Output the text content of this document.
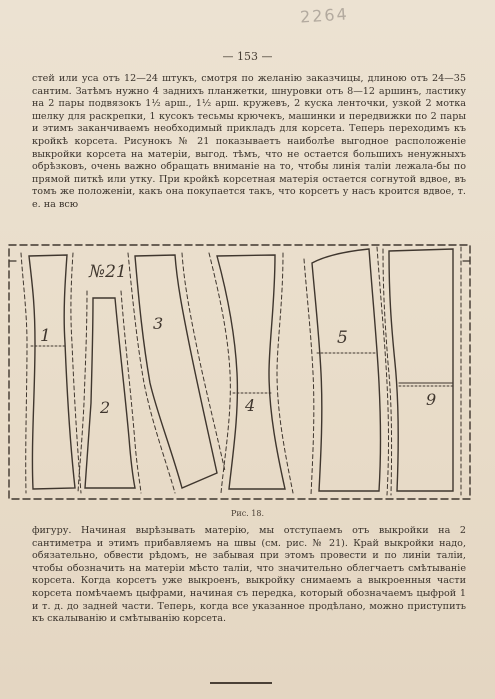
2264
— 153 —

стей или уса отъ 12—24 штукъ, смотря по желанію заказчицы, длиною отъ 24—35 сантим. Затѣмъ нужно 4 заднихъ планжетки, шнуровки отъ 8—12 аршинъ, ластику на 2 пары подвязокъ 1½ арш., 1½ арш. кружевъ, 2 куска ленточки, узкой 2 мотка шелку для раскрепки, 1 кусокъ тесьмы крючекъ, машинки и передвижки по 2 пары и этимъ заканчиваемъ необходимый прикладъ для корсета. Теперь переходимъ къ кройкѣ корсета. Рисунокъ № 21 показываетъ наиболѣе выгодное расположеніе выкройки корсета на матеріи, выгод. тѣмъ, что не остается большихъ ненужныхъ обрѣзковъ, очень важно обращать вниманіе на то, чтобы линія таліи лежала-бы по прямой питкѣ или утку. При кройкѣ корсетная матерія остается согнутой вдвое, въ томъ же положеніи, какъ она покупается такъ, что корсетъ у насъ кроится вдвое, т. е. на всю

№21
1
2
3
4
5
9
Рис. 18.

фигуру. Начиная вырѣзывать матерію, мы отступаемъ отъ выкройки на 2 сантиметра и этимъ прибавляемъ на швы (см. рис. № 21). Край выкройки надо, обязательно, обвести рѣдомъ, не забывая при этомъ провести и по линіи таліи, чтобы обозначить на матеріи мѣсто таліи, что значительно облегчаетъ смѣтываніе корсета. Когда корсетъ уже выкроенъ, выкройку снимаемъ а выкроенныя части корсета помѣчаемъ цыфрами, начиная съ передка, который обозначаемъ цыфрой 1 и т. д. до задней части. Теперь, когда все указанное продѣлано, можно приступить къ скалыванію и смѣтыванію корсета.
